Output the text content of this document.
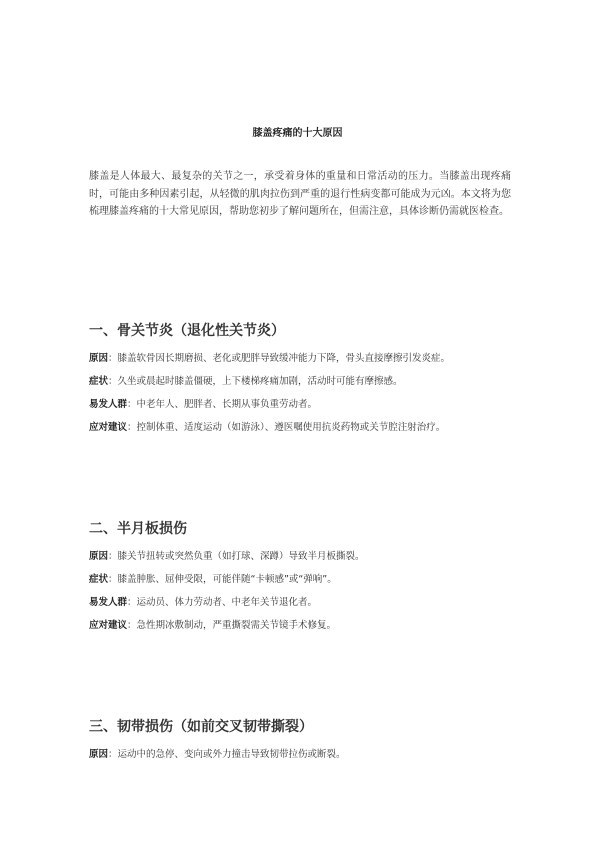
膝盖疼痛的十大原因

膝盖是人体最大、最复杂的关节之一，承受着身体的重量和日常活动的压力。当膝盖出现疼痛时，可能由多种因素引起，从轻微的肌肉拉伤到严重的退行性病变都可能成为元凶。本文将为您梳理膝盖疼痛的十大常见原因，帮助您初步了解问题所在，但需注意，具体诊断仍需就医检查。

一、骨关节炎（退化性关节炎）

原因：膝盖软骨因长期磨损、老化或肥胖导致缓冲能力下降，骨头直接摩擦引发炎症。

症状：久坐或晨起时膝盖僵硬，上下楼梯疼痛加剧，活动时可能有摩擦感。

易发人群：中老年人、肥胖者、长期从事负重劳动者。

应对建议：控制体重、适度运动（如游泳）、遵医嘱使用抗炎药物或关节腔注射治疗。

二、半月板损伤

原因：膝关节扭转或突然负重（如打球、深蹲）导致半月板撕裂。

症状：膝盖肿胀、屈伸受限，可能伴随“卡顿感”或“弹响”。

易发人群：运动员、体力劳动者、中老年关节退化者。

应对建议：急性期冰敷制动，严重撕裂需关节镜手术修复。

三、韧带损伤（如前交叉韧带撕裂）

原因：运动中的急停、变向或外力撞击导致韧带拉伤或断裂。
